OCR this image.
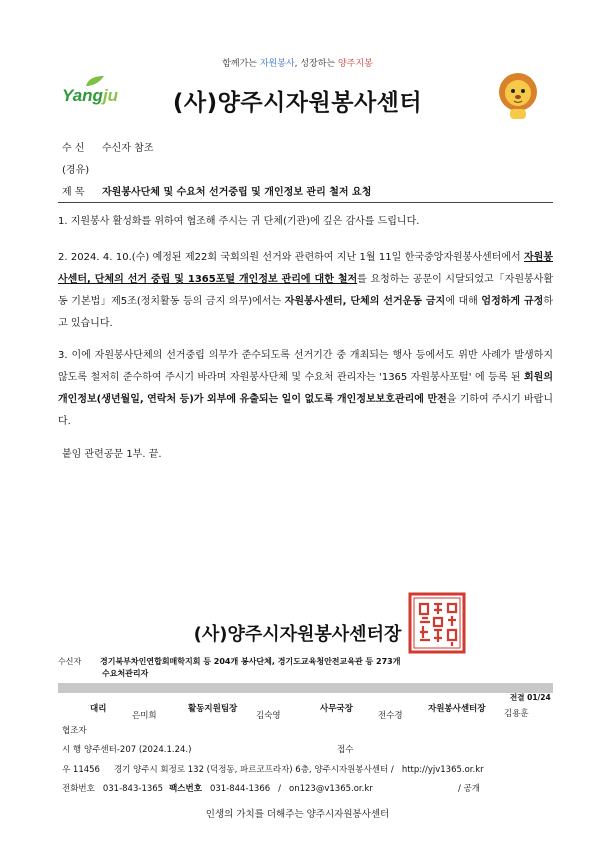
함께가는 자원봉사, 성장하는 양주지봉
Yangju	(사)양주시자원봉사센터
수 신 수신자 참조
(경유)
제 목 자원봉사단체 및 수요처 선거중립 및 개인정보 관리 철저 요청
1. 지원봉사 활성화를 위하여 협조해 주시는 귀 단체(기관)에 깊은 감사를 드립니다.
2. 2024. 4. 10.(수) 예정된 제22회 국회의원 선거와 관련하여 지난 1월 11일 한국중앙자원봉사센터에서 자원봉사센터, 단체의 선거 중립 및 1365포털 개인정보 관리에 대한 철저를 요청하는 공문이 시달되었고「자원봉사활동 기본법」제5조(정치활동 등의 금지 의무)에서는 자원봉사센터, 단체의 선거운동 금지에 대해 엄정하게 규정하고 있습니다.
3. 이에 자원봉사단체의 선거중립 의무가 준수되도록 선거기간 중 개최되는 행사 등에서도 위반 사례가 발생하지 않도록 철저히 준수하여 주시기 바라며 자원봉사단체 및 수요처 관리자는 '1365 자원봉사포털' 에 등록 된 회원의 개인정보(생년월일, 연락처 등)가 외부에 유출되는 일이 없도록 개인정보보호관리에 만전을 기하여 주시기 바랍니다.
붙임 관련공문 1부. 끝.
(사)양주시자원봉사센터장
수신자 경기북부차인연합회매학지회 등 204개 봉사단체, 경기도교육청안전교육관 등 273개
수요처관리자
전결 01/24
대리
은미희
활동지원팀장
김숙영
사무국장
전수경
자원봉사센터장 김용훈
협조자
시 행 양주센터-207 (2024.1.24.)	접수
우 11456 경기 양주시 회정로 132 (덕정동, 파르코프라자) 6층, 양주시자원봉사센터 / http://yjv1365.or.kr
전화번호 031-843-1365 팩스번호 031-844-1366 / on123@v1365.or.kr	/ 공개
인생의 가치를 더해주는 양주시자원봉사센터
